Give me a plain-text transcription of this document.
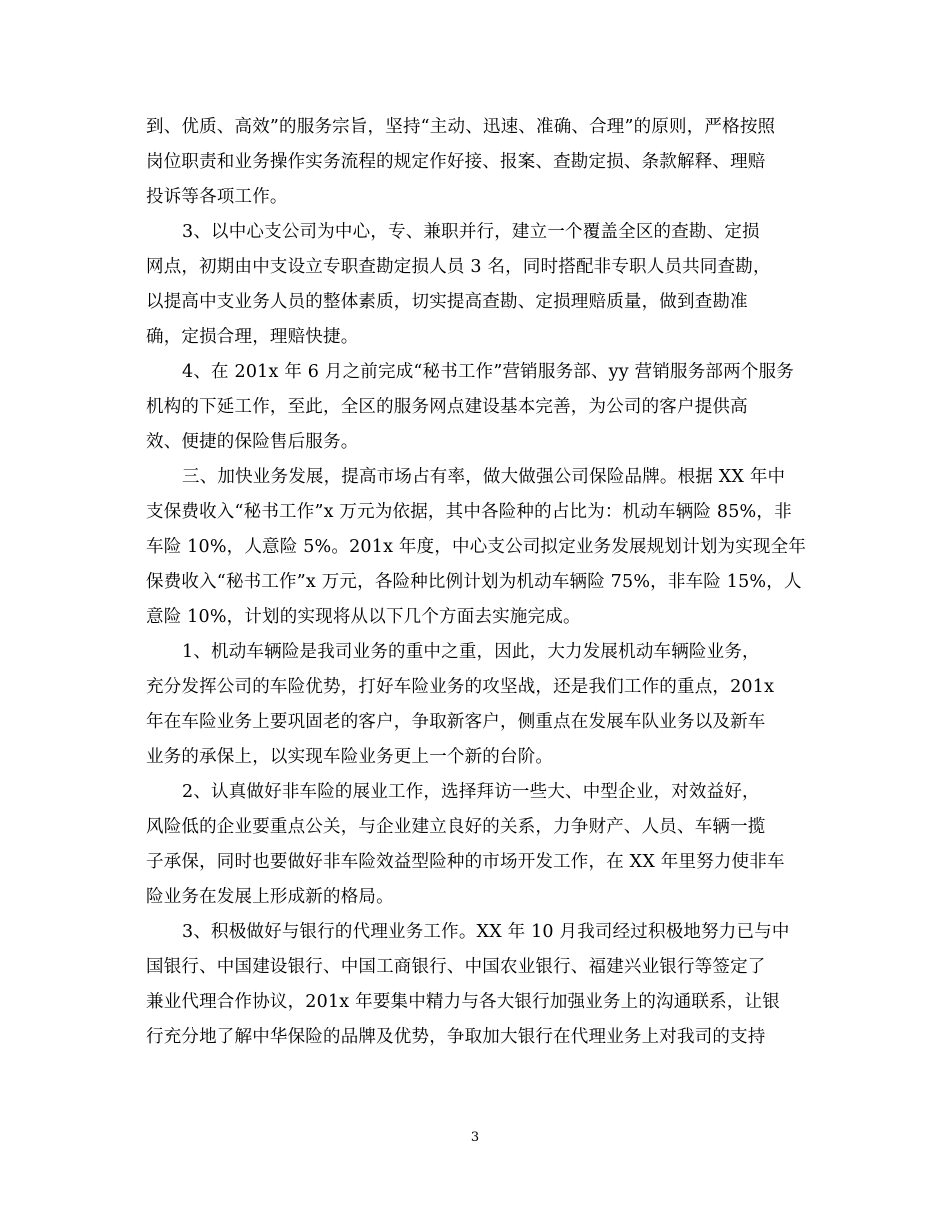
到、优质、高效”的服务宗旨，坚持“主动、迅速、准确、合理”的原则，严格按照
岗位职责和业务操作实务流程的规定作好接、报案、查勘定损、条款解释、理赔
投诉等各项工作。
3、以中心支公司为中心，专、兼职并行，建立一个覆盖全区的查勘、定损
网点，初期由中支设立专职查勘定损人员 3 名，同时搭配非专职人员共同查勘，
以提高中支业务人员的整体素质，切实提高查勘、定损理赔质量，做到查勘准
确，定损合理，理赔快捷。
4、在 201x 年 6 月之前完成“秘书工作”营销服务部、yy 营销服务部两个服务
机构的下延工作，至此，全区的服务网点建设基本完善，为公司的客户提供高
效、便捷的保险售后服务。
三、加快业务发展，提高市场占有率，做大做强公司保险品牌。根据 XX 年中
支保费收入“秘书工作”x 万元为依据，其中各险种的占比为：机动车辆险 85%，非
车险 10%，人意险 5%。201x 年度，中心支公司拟定业务发展规划计划为实现全年
保费收入“秘书工作”x 万元，各险种比例计划为机动车辆险 75%，非车险 15%，人
意险 10%，计划的实现将从以下几个方面去实施完成。
1、机动车辆险是我司业务的重中之重，因此，大力发展机动车辆险业务，
充分发挥公司的车险优势，打好车险业务的攻坚战，还是我们工作的重点，201x
年在车险业务上要巩固老的客户，争取新客户，侧重点在发展车队业务以及新车
业务的承保上，以实现车险业务更上一个新的台阶。
2、认真做好非车险的展业工作，选择拜访一些大、中型企业，对效益好，
风险低的企业要重点公关，与企业建立良好的关系，力争财产、人员、车辆一揽
子承保，同时也要做好非车险效益型险种的市场开发工作，在 XX 年里努力使非车
险业务在发展上形成新的格局。
3、积极做好与银行的代理业务工作。XX 年 10 月我司经过积极地努力已与中
国银行、中国建设银行、中国工商银行、中国农业银行、福建兴业银行等签定了
兼业代理合作协议，201x 年要集中精力与各大银行加强业务上的沟通联系，让银
行充分地了解中华保险的品牌及优势，争取加大银行在代理业务上对我司的支持
3
